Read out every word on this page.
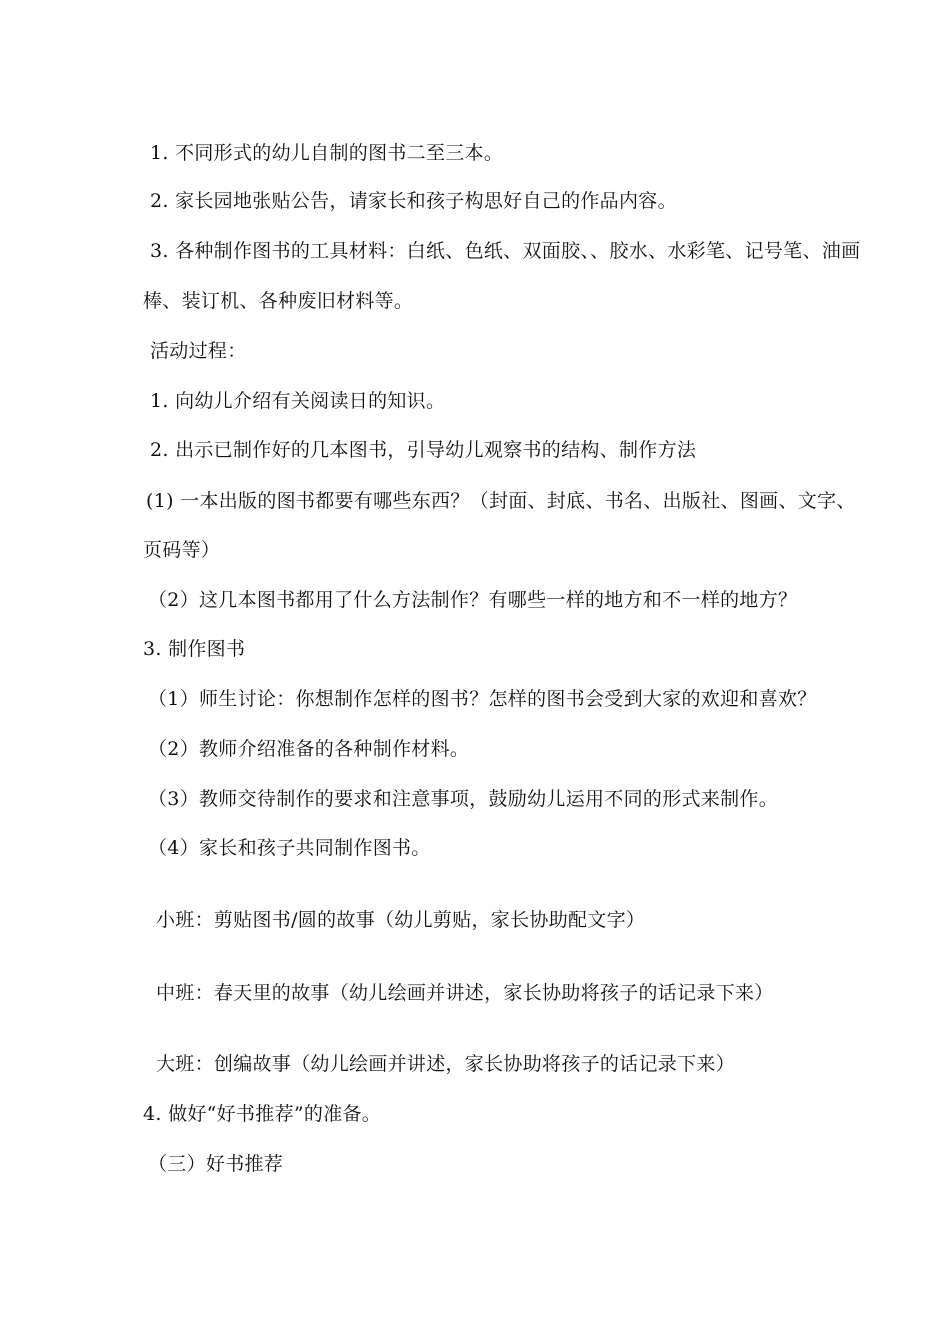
1. 不同形式的幼儿自制的图书二至三本。
2. 家长园地张贴公告，请家长和孩子构思好自己的作品内容。
3. 各种制作图书的工具材料：白纸、色纸、双面胶、、胶水、水彩笔、记号笔、油画
棒、装订机、各种废旧材料等。
活动过程：
1. 向幼儿介绍有关阅读日的知识。
2. 出示已制作好的几本图书，引导幼儿观察书的结构、制作方法
(1) 一本出版的图书都要有哪些东西？（封面、封底、书名、出版社、图画、文字、
页码等）
（2）这几本图书都用了什么方法制作？有哪些一样的地方和不一样的地方？
3. 制作图书
（1）师生讨论：你想制作怎样的图书？怎样的图书会受到大家的欢迎和喜欢？
（2）教师介绍准备的各种制作材料。
（3）教师交待制作的要求和注意事项，鼓励幼儿运用不同的形式来制作。
（4）家长和孩子共同制作图书。
小班：剪贴图书/圆的故事（幼儿剪贴，家长协助配文字）
中班：春天里的故事（幼儿绘画并讲述，家长协助将孩子的话记录下来）
大班：创编故事（幼儿绘画并讲述，家长协助将孩子的话记录下来）
4. 做好“好书推荐”的准备。
（三）好书推荐
